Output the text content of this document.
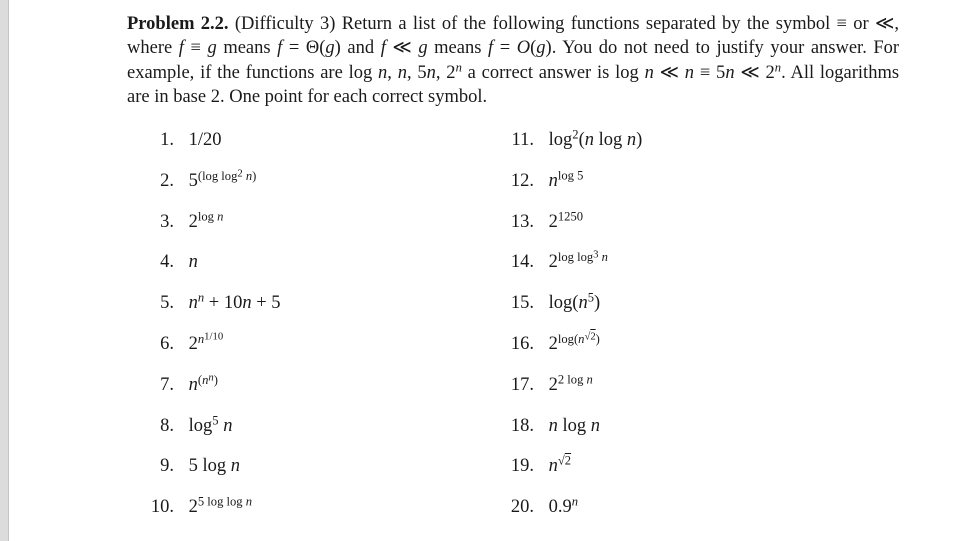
Problem 2.2. (Difficulty 3) Return a list of the following functions separated by the symbol ≡ or ≪, where f ≡ g means f = Θ(g) and f ≪ g means f = O(g). You do not need to justify your answer. For example, if the functions are log n, n, 5n, 2$^n$ a correct answer is log n ≪ n ≡ 5n ≪ 2$^n$. All logarithms are in base 2. One point for each correct symbol.
1. 1/20
2. $5^{(log log^2 n)}$
3. $2^{log n}$
4. n
5. $n^n + 10n + 5$
6. $2^{n^{1/10}}$
7. $n^{(n^n)}$
8. $\log^5 n$
9. 5 log n
10. $2^{5 log log n}$
11. $\log^2(n$ log n)
12. $n^{log 5}$
13. $2^{1250}$
14. $2^{log log^3 n}$
15. $\log(n^5)$
16. $2^{log(n^{√2})}$
17. $2^{2 log n}$
18. n log n
19. $n^{√2}$
20. 0.9$^n$
